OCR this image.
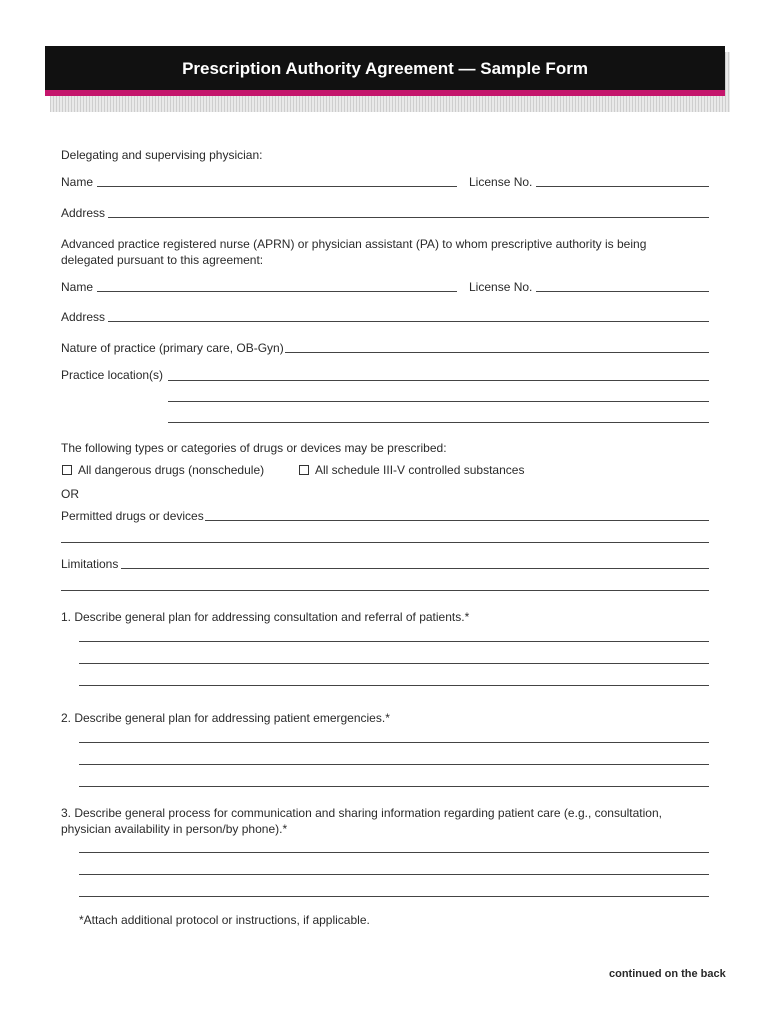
Prescription Authority Agreement — Sample Form
Delegating and supervising physician:
Name	License No.
Address
Advanced practice registered nurse (APRN) or physician assistant (PA) to whom prescriptive authority is being delegated pursuant to this agreement:
Name	License No.
Address
Nature of practice (primary care, OB-Gyn)
Practice location(s)
The following types or categories of drugs or devices may be prescribed:
All dangerous drugs (nonschedule)	All schedule III-V controlled substances
OR
Permitted drugs or devices
Limitations
1. Describe general plan for addressing consultation and referral of patients.*
2. Describe general plan for addressing patient emergencies.*
3. Describe general process for communication and sharing information regarding patient care (e.g., consultation, physician availability in person/by phone).*
*Attach additional protocol or instructions, if applicable.
continued on the back
